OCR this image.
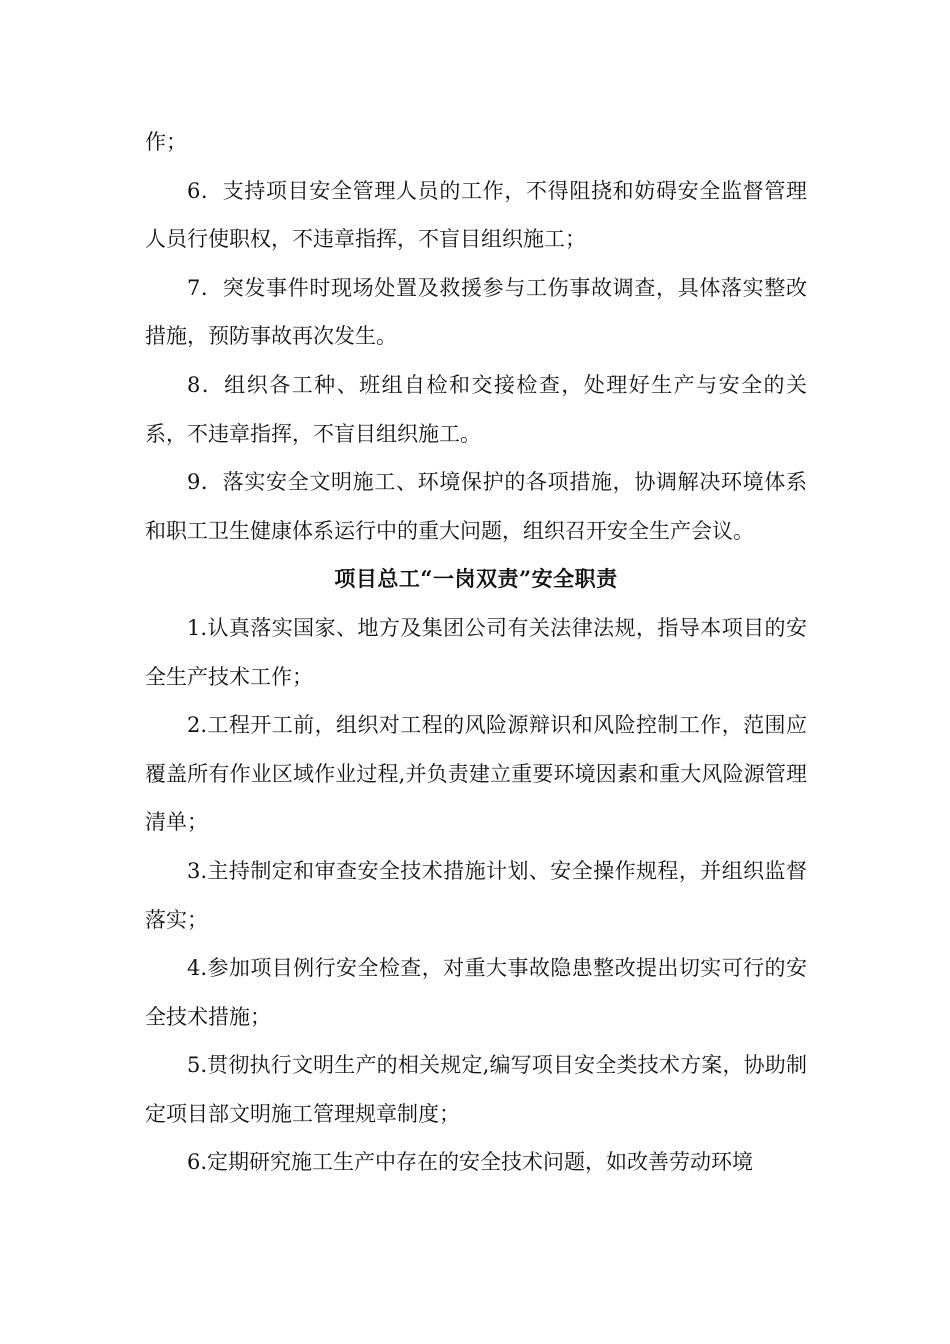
作；

6．支持项目安全管理人员的工作，不得阻挠和妨碍安全监督管理人员行使职权，不违章指挥，不盲目组织施工；

7．突发事件时现场处置及救援参与工伤事故调查，具体落实整改措施，预防事故再次发生。

8．组织各工种、班组自检和交接检查，处理好生产与安全的关系，不违章指挥，不盲目组织施工。

9．落实安全文明施工、环境保护的各项措施，协调解决环境体系和职工卫生健康体系运行中的重大问题，组织召开安全生产会议。

项目总工“一岗双责”安全职责

1.认真落实国家、地方及集团公司有关法律法规，指导本项目的安全生产技术工作；

2.工程开工前，组织对工程的风险源辩识和风险控制工作，范围应覆盖所有作业区域作业过程,并负责建立重要环境因素和重大风险源管理清单；

3.主持制定和审查安全技术措施计划、安全操作规程，并组织监督落实；

4.参加项目例行安全检查，对重大事故隐患整改提出切实可行的安全技术措施；

5.贯彻执行文明生产的相关规定,编写项目安全类技术方案，协助制定项目部文明施工管理规章制度；

6.定期研究施工生产中存在的安全技术问题，如改善劳动环境
